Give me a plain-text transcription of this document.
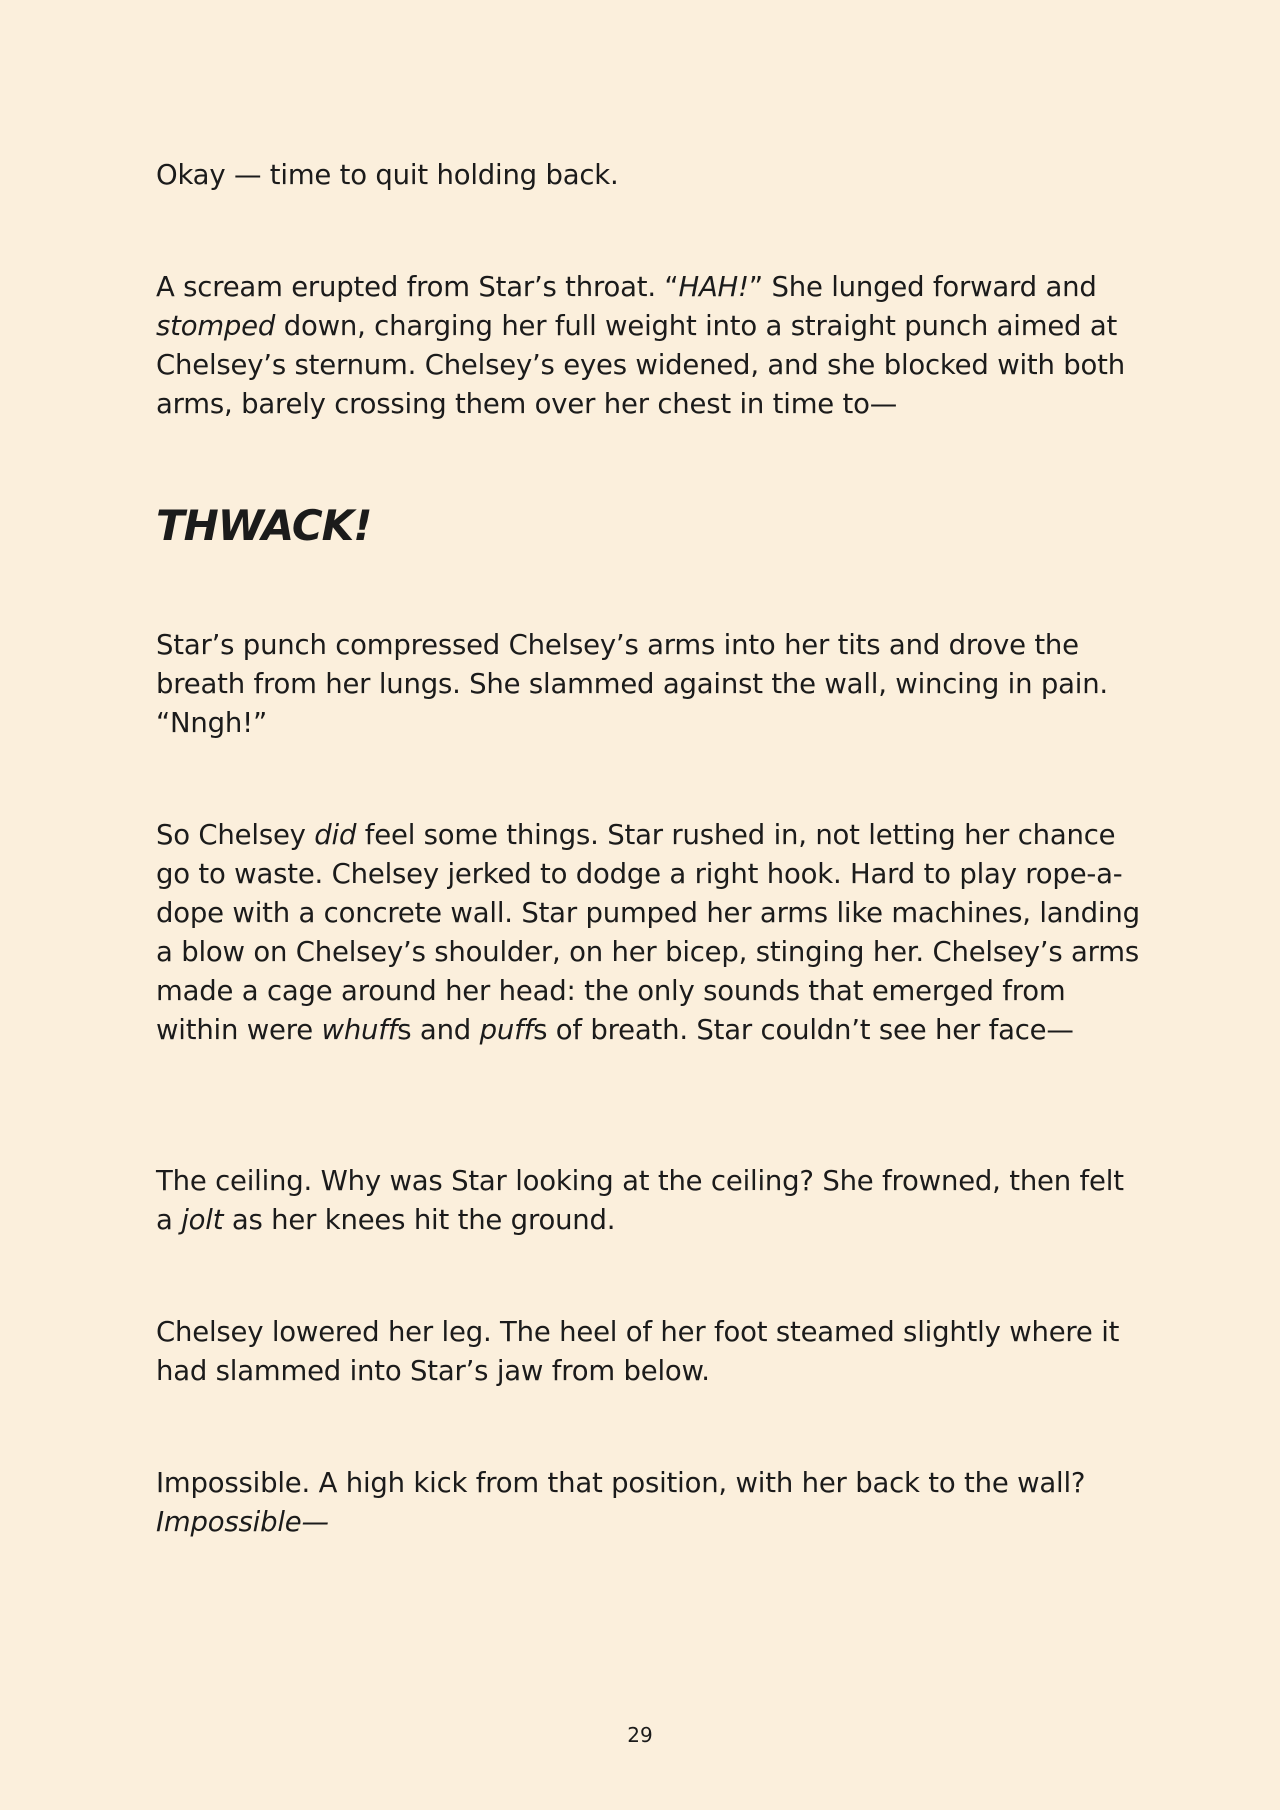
Okay — time to quit holding back.

A scream erupted from Star’s throat. “HAH!” She lunged forward and stomped down, charging her full weight into a straight punch aimed at Chelsey’s sternum. Chelsey’s eyes widened, and she blocked with both arms, barely crossing them over her chest in time to—

THWACK!

Star’s punch compressed Chelsey’s arms into her tits and drove the breath from her lungs. She slammed against the wall, wincing in pain. “Nngh!”

So Chelsey did feel some things. Star rushed in, not letting her chance go to waste. Chelsey jerked to dodge a right hook. Hard to play rope-a-dope with a concrete wall. Star pumped her arms like machines, landing a blow on Chelsey’s shoulder, on her bicep, stinging her. Chelsey’s arms made a cage around her head: the only sounds that emerged from within were whuffs and puffs of breath. Star couldn’t see her face—

The ceiling. Why was Star looking at the ceiling? She frowned, then felt a jolt as her knees hit the ground.

Chelsey lowered her leg. The heel of her foot steamed slightly where it had slammed into Star’s jaw from below.

Impossible. A high kick from that position, with her back to the wall? Impossible—

29
